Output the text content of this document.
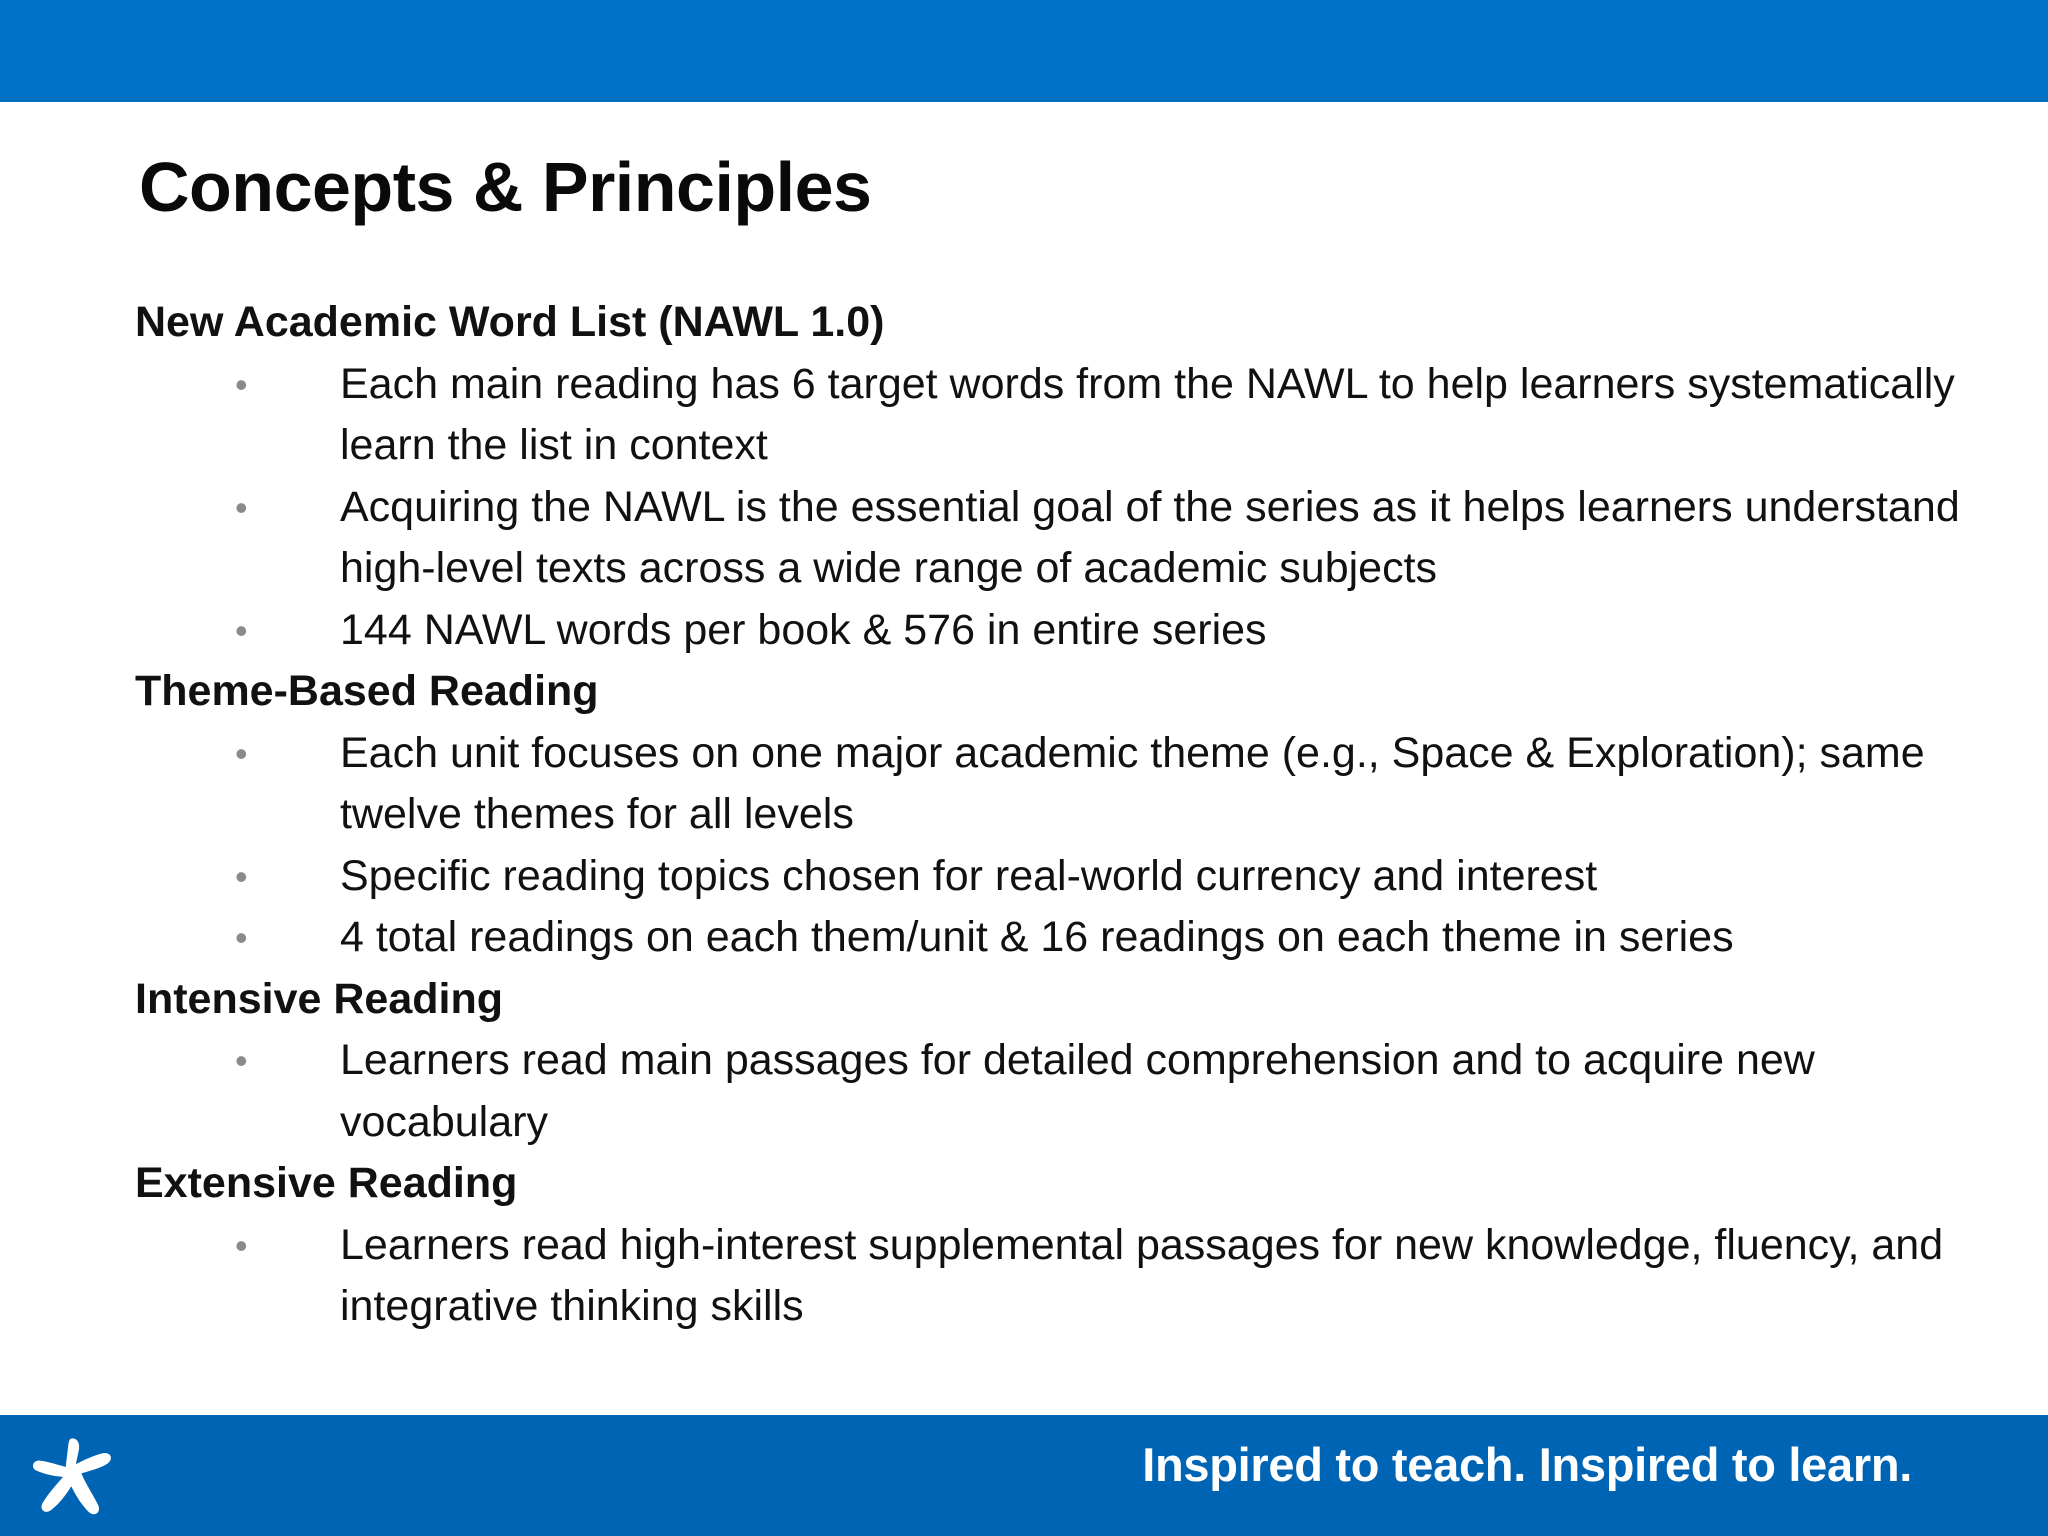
Concepts & Principles

New Academic Word List (NAWL 1.0)

• Each main reading has 6 target words from the NAWL to help learners systematically learn the list in context
• Acquiring the NAWL is the essential goal of the series as it helps learners understand high-level texts across a wide range of academic subjects
• 144 NAWL words per book & 576 in entire series

Theme-Based Reading

• Each unit focuses on one major academic theme (e.g., Space & Exploration); same twelve themes for all levels
• Specific reading topics chosen for real-world currency and interest
• 4 total readings on each them/unit & 16 readings on each theme in series

Intensive Reading

• Learners read main passages for detailed comprehension and to acquire new vocabulary

Extensive Reading

• Learners read high-interest supplemental passages for new knowledge, fluency, and integrative thinking skills
Inspired to teach. Inspired to learn.
